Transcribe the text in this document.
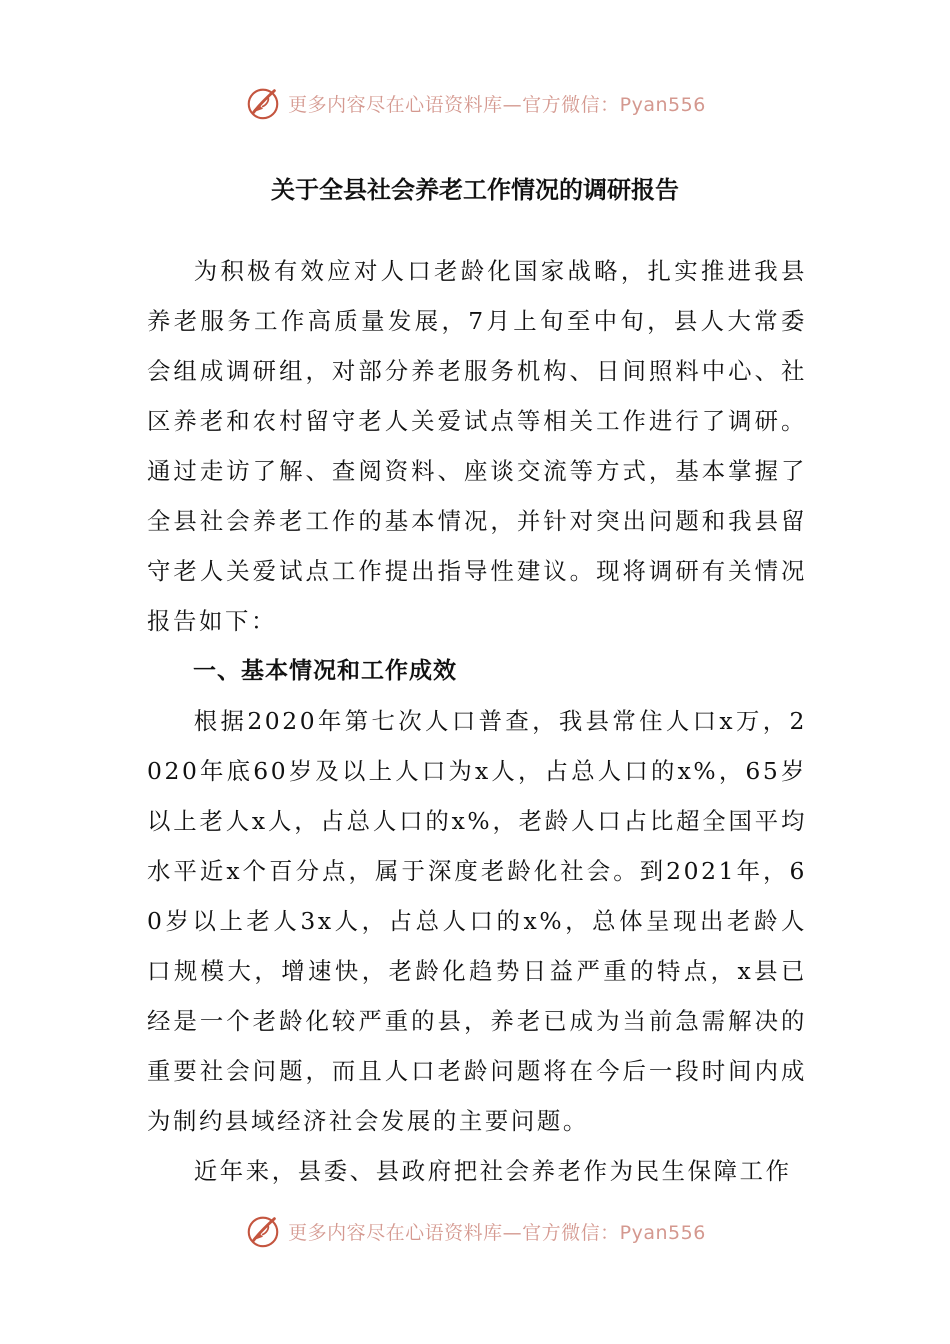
更多内容尽在心语资料库—官方微信：Pyan556
关于全县社会养老工作情况的调研报告

为积极有效应对人口老龄化国家战略，扎实推进我县养老服务工作高质量发展，7月上旬至中旬，县人大常委会组成调研组，对部分养老服务机构、日间照料中心、社区养老和农村留守老人关爱试点等相关工作进行了调研。通过走访了解、查阅资料、座谈交流等方式，基本掌握了全县社会养老工作的基本情况，并针对突出问题和我县留守老人关爱试点工作提出指导性建议。现将调研有关情况报告如下：

一、基本情况和工作成效

根据2020年第七次人口普查，我县常住人口x万，2020年底60岁及以上人口为x人，占总人口的x%，65岁以上老人x人，占总人口的x%，老龄人口占比超全国平均水平近x个百分点，属于深度老龄化社会。到2021年，60岁以上老人3x人，占总人口的x%，总体呈现出老龄人口规模大，增速快，老龄化趋势日益严重的特点，x县已经是一个老龄化较严重的县，养老已成为当前急需解决的重要社会问题，而且人口老龄问题将在今后一段时间内成为制约县域经济社会发展的主要问题。

近年来，县委、县政府把社会养老作为民生保障工作

更多内容尽在心语资料库—官方微信：Pyan556
